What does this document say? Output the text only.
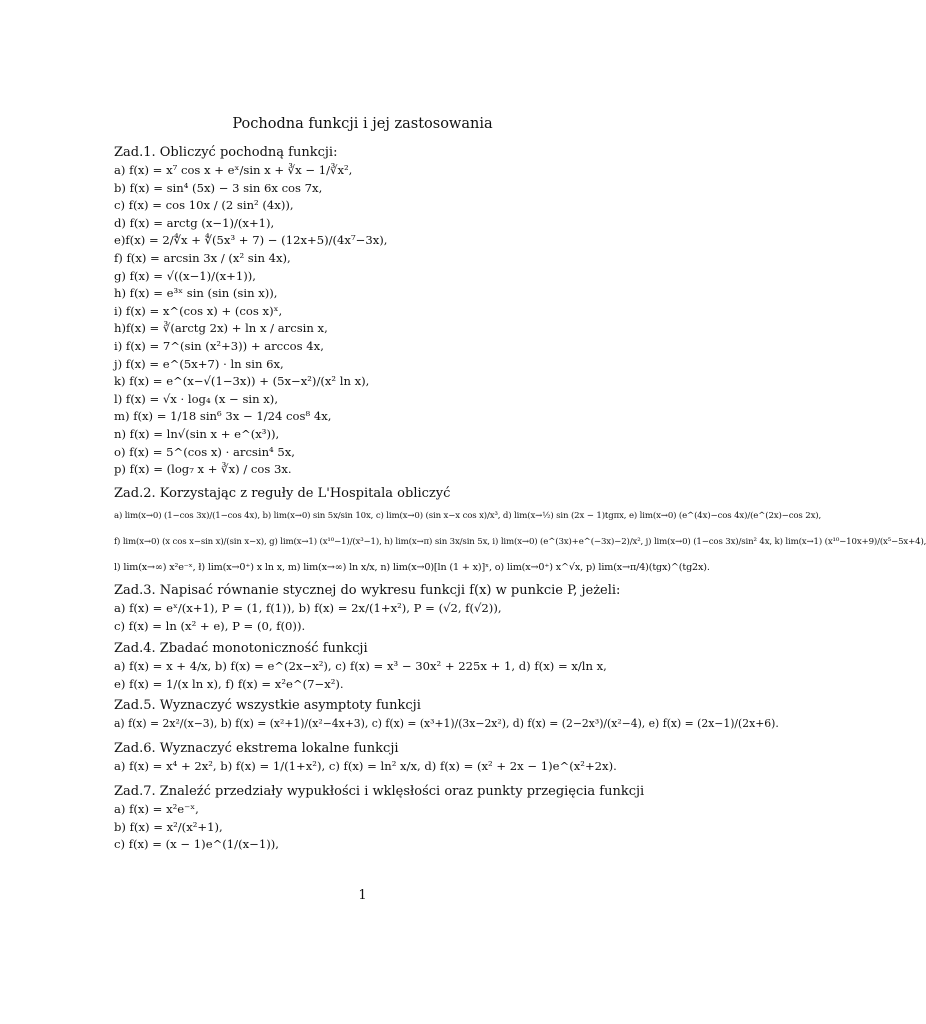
Pochodna funkcji i jej zastosowania
Zad.1. Obliczyć pochodną funkcji:
a) f(x) = x⁷ cos x + eˣ/sin x + ∛x − 1/∛x²,
b) f(x) = sin⁴ (5x) − 3 sin 6x cos 7x,
c) f(x) = cos 10x / (2 sin² (4x)),
d) f(x) = arctg (x−1)/(x+1),
e)f(x) = 2/∜x + ∜(5x³ + 7) − (12x+5)/(4x⁷−3x),
f) f(x) = arcsin 3x / (x² sin 4x),
g) f(x) = √((x−1)/(x+1)),
h) f(x) = e³ˣ sin (sin (sin x)),
i) f(x) = x^(cos x) + (cos x)ˣ,
h)f(x) = ∛(arctg 2x) + ln x / arcsin x,
i) f(x) = 7^(sin (x²+3)) + arccos 4x,
j) f(x) = e^(5x+7) · ln sin 6x,
k) f(x) = e^(x−√(1−3x)) + (5x−x²)/(x² ln x),
l) f(x) = √x · log₄ (x − sin x),
m) f(x) = 1/18 sin⁶ 3x − 1/24 cos⁸ 4x,
n) f(x) = ln√(sin x + e^(x³)),
o) f(x) = 5^(cos x) · arcsin⁴ 5x,
p) f(x) = (log₇ x + ∛x) / cos 3x.
Zad.2. Korzystając z reguły de L'Hospitala obliczyć
a) lim(x→0) (1−cos 3x)/(1−cos 4x), b) lim(x→0) sin 5x/sin 10x, c) lim(x→0) (sin x−x cos x)/x³, d) lim(x→½) sin (2x − 1)tgπx, e) lim(x→0) (e^(4x)−cos 4x)/(e^(2x)−cos 2x),
f) lim(x→0) (x cos x−sin x)/(sin x−x), g) lim(x→1) (x¹⁰−1)/(x³−1), h) lim(x→π) sin 3x/sin 5x, i) lim(x→0) (e^(3x)+e^(−3x)−2)/x², j) lim(x→0) (1−cos 3x)/sin² 4x, k) lim(x→1) (x¹⁰−10x+9)/(x⁵−5x+4),
l) lim(x→∞) x²e⁻ˣ, ł) lim(x→0⁺) x ln x, m) lim(x→∞) ln x/x, n) lim(x→0)[ln (1 + x)]ˣ, o) lim(x→0⁺) x^√x, p) lim(x→π/4)(tgx)^(tg2x).
Zad.3. Napisać równanie stycznej do wykresu funkcji f(x) w punkcie P, jeżeli:
a) f(x) = eˣ/(x+1), P = (1, f(1)), b) f(x) = 2x/(1+x²), P = (√2, f(√2)),
c) f(x) = ln (x² + e), P = (0, f(0)).
Zad.4. Zbadać monotoniczność funkcji
a) f(x) = x + 4/x, b) f(x) = e^(2x−x²), c) f(x) = x³ − 30x² + 225x + 1, d) f(x) = x/ln x,
e) f(x) = 1/(x ln x), f) f(x) = x²e^(7−x²).
Zad.5. Wyznaczyć wszystkie asymptoty funkcji
a) f(x) = 2x²/(x−3), b) f(x) = (x²+1)/(x²−4x+3), c) f(x) = (x³+1)/(3x−2x²), d) f(x) = (2−2x³)/(x²−4), e) f(x) = (2x−1)/(2x+6).
Zad.6. Wyznaczyć ekstrema lokalne funkcji
a) f(x) = x⁴ + 2x², b) f(x) = 1/(1+x²), c) f(x) = ln² x/x, d) f(x) = (x² + 2x − 1)e^(x²+2x).
Zad.7. Znaleźć przedziały wypukłości i wklęsłości oraz punkty przegięcia funkcji
a) f(x) = x²e⁻ˣ,
b) f(x) = x²/(x²+1),
c) f(x) = (x − 1)e^(1/(x−1)),
1
